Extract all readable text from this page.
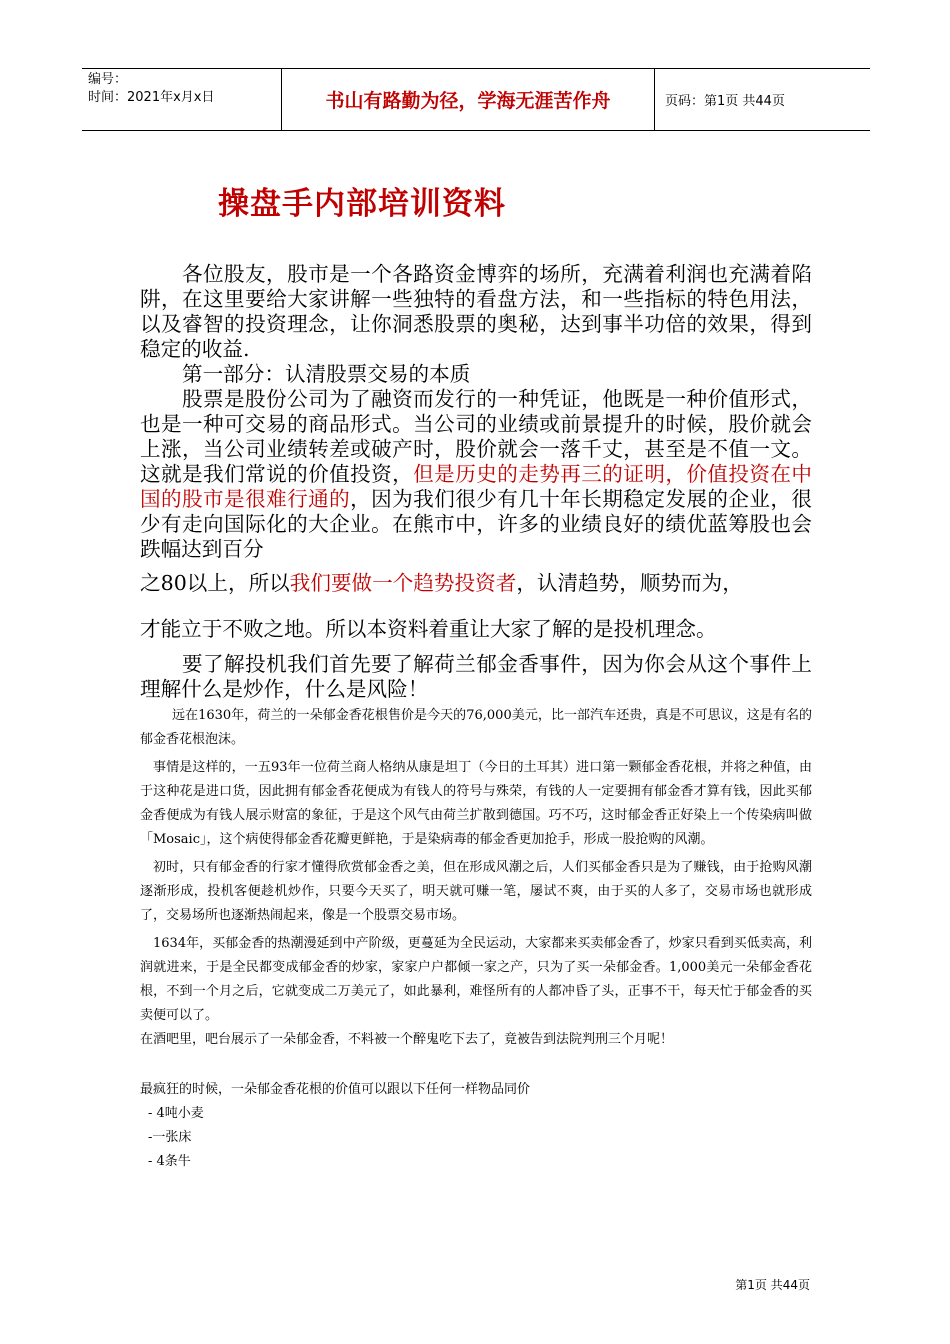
编号：
时间：2021年x月x日	书山有路勤为径，学海无涯苦作舟	页码：第1页 共44页
操盘手内部培训资料

各位股友，股市是一个各路资金博弈的场所，充满着利润也充满着陷阱，在这里要给大家讲解一些独特的看盘方法，和一些指标的特色用法，以及睿智的投资理念，让你洞悉股票的奥秘，达到事半功倍的效果，得到稳定的收益.

第一部分：认清股票交易的本质

股票是股份公司为了融资而发行的一种凭证，他既是一种价值形式，也是一种可交易的商品形式。当公司的业绩或前景提升的时候，股价就会上涨，当公司业绩转差或破产时，股价就会一落千丈，甚至是不值一文。这就是我们常说的价值投资，但是历史的走势再三的证明，价值投资在中国的股市是很难行通的，因为我们很少有几十年长期稳定发展的企业，很少有走向国际化的大企业。在熊市中，许多的业绩良好的绩优蓝筹股也会跌幅达到百分

之80以上，所以我们要做一个趋势投资者，认清趋势，顺势而为，
才能立于不败之地。所以本资料着重让大家了解的是投机理念。

要了解投机我们首先要了解荷兰郁金香事件，因为你会从这个事件上理解什么是炒作，什么是风险！

远在1630年，荷兰的一朵郁金香花根售价是今天的76,000美元，比一部汽车还贵，真是不可思议，这是有名的郁金香花根泡沫。

事情是这样的，一五93年一位荷兰商人格纳从康是坦丁（今日的土耳其）进口第一颗郁金香花根，并将之种值，由于这种花是进口货，因此拥有郁金香花便成为有钱人的符号与殊荣，有钱的人一定要拥有郁金香才算有钱，因此买郁金香便成为有钱人展示财富的象征，于是这个风气由荷兰扩散到德国。巧不巧，这时郁金香正好染上一个传染病叫做「Mosaic」，这个病使得郁金香花瓣更鲜艳，于是染病毒的郁金香更加抢手，形成一股抢购的风潮。

初时，只有郁金香的行家才懂得欣赏郁金香之美，但在形成风潮之后，人们买郁金香只是为了赚钱，由于抢购风潮逐渐形成，投机客便趁机炒作，只要今天买了，明天就可赚一笔，屡试不爽，由于买的人多了，交易市场也就形成了，交易场所也逐渐热闹起来，像是一个股票交易市场。

1634年，买郁金香的热潮漫延到中产阶级，更蔓延为全民运动，大家都来买卖郁金香了，炒家只看到买低卖高，利润就进来，于是全民都变成郁金香的炒家，家家户户都倾一家之产，只为了买一朵郁金香。1,000美元一朵郁金香花根，不到一个月之后，它就变成二万美元了，如此暴利，难怪所有的人都冲昏了头，正事不干，每天忙于郁金香的买卖便可以了。

在酒吧里，吧台展示了一朵郁金香，不料被一个醉鬼吃下去了，竟被告到法院判刑三个月呢！

最疯狂的时候，一朵郁金香花根的价值可以跟以下任何一样物品同价

- 4吨小麦

-一张床

- 4条牛

第1页 共44页
